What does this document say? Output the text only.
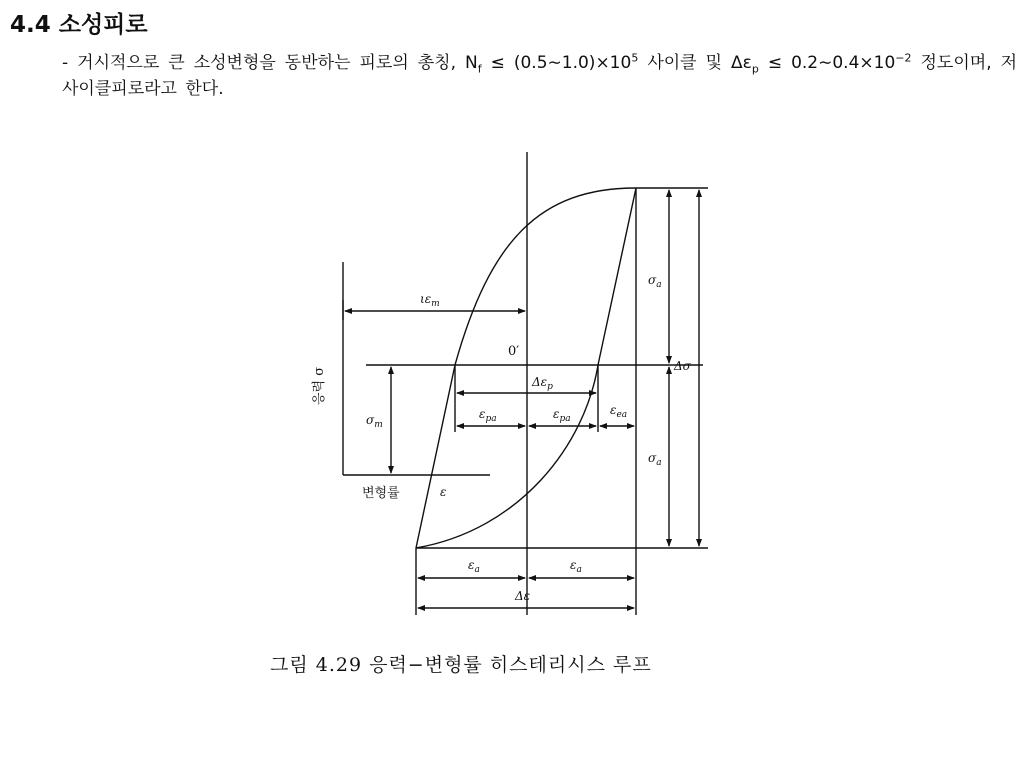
4.4 소성피로
- 거시적으로 큰 소성변형을 동반하는 피로의 총칭, $N_f$ ≤ $(0.5\sim 1.0)\times 10^5$ 사이클 및 $\Delta\varepsilon_p$ ≤ $0.2\sim 0.4\times 10^{-2}$ 정도이며, 저사이클피로라고 한다.
$\iota\varepsilon_m$
0′
$\Delta\varepsilon_p$
$\varepsilon_{pa}$	$\varepsilon_{pa}$
$\varepsilon_{ea}$
$\sigma_m$
$\sigma_a$
$\sigma_a$
Δσ
$\varepsilon_a$	$\varepsilon_a$
Δε
응력 σ
변형률	ε
그림 4.29 응력−변형률 히스테리시스 루프
